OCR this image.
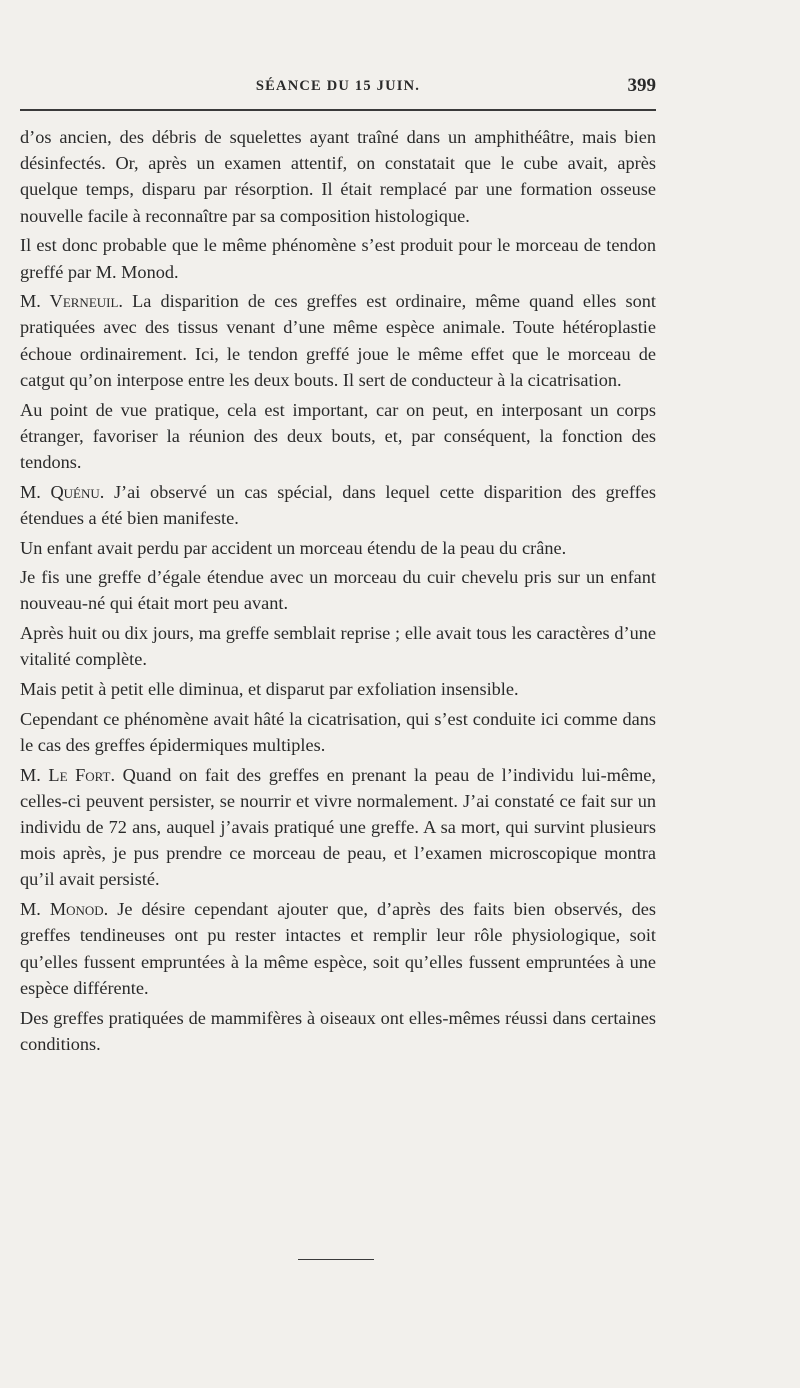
SÉANCE DU 15 JUIN.	399

d’os ancien, des débris de squelettes ayant traîné dans un amphithéâtre, mais bien désinfectés. Or, après un examen attentif, on constatait que le cube avait, après quelque temps, disparu par résorption. Il était remplacé par une formation osseuse nouvelle facile à reconnaître par sa composition histologique.

Il est donc probable que le même phénomène s’est produit pour le morceau de tendon greffé par M. Monod.

M. Verneuil. La disparition de ces greffes est ordinaire, même quand elles sont pratiquées avec des tissus venant d’une même espèce animale. Toute hétéroplastie échoue ordinairement. Ici, le tendon greffé joue le même effet que le morceau de catgut qu’on interpose entre les deux bouts. Il sert de conducteur à la cicatrisation.

Au point de vue pratique, cela est important, car on peut, en interposant un corps étranger, favoriser la réunion des deux bouts, et, par conséquent, la fonction des tendons.

M. Quénu. J’ai observé un cas spécial, dans lequel cette disparition des greffes étendues a été bien manifeste.

Un enfant avait perdu par accident un morceau étendu de la peau du crâne.

Je fis une greffe d’égale étendue avec un morceau du cuir chevelu pris sur un enfant nouveau-né qui était mort peu avant.

Après huit ou dix jours, ma greffe semblait reprise ; elle avait tous les caractères d’une vitalité complète.

Mais petit à petit elle diminua, et disparut par exfoliation insensible.

Cependant ce phénomène avait hâté la cicatrisation, qui s’est conduite ici comme dans le cas des greffes épidermiques multiples.

M. Le Fort. Quand on fait des greffes en prenant la peau de l’individu lui-même, celles-ci peuvent persister, se nourrir et vivre normalement. J’ai constaté ce fait sur un individu de 72 ans, auquel j’avais pratiqué une greffe. A sa mort, qui survint plusieurs mois après, je pus prendre ce morceau de peau, et l’examen microscopique montra qu’il avait persisté.

M. Monod. Je désire cependant ajouter que, d’après des faits bien observés, des greffes tendineuses ont pu rester intactes et remplir leur rôle physiologique, soit qu’elles fussent empruntées à la même espèce, soit qu’elles fussent empruntées à une espèce différente.

Des greffes pratiquées de mammifères à oiseaux ont elles-mêmes réussi dans certaines conditions.
